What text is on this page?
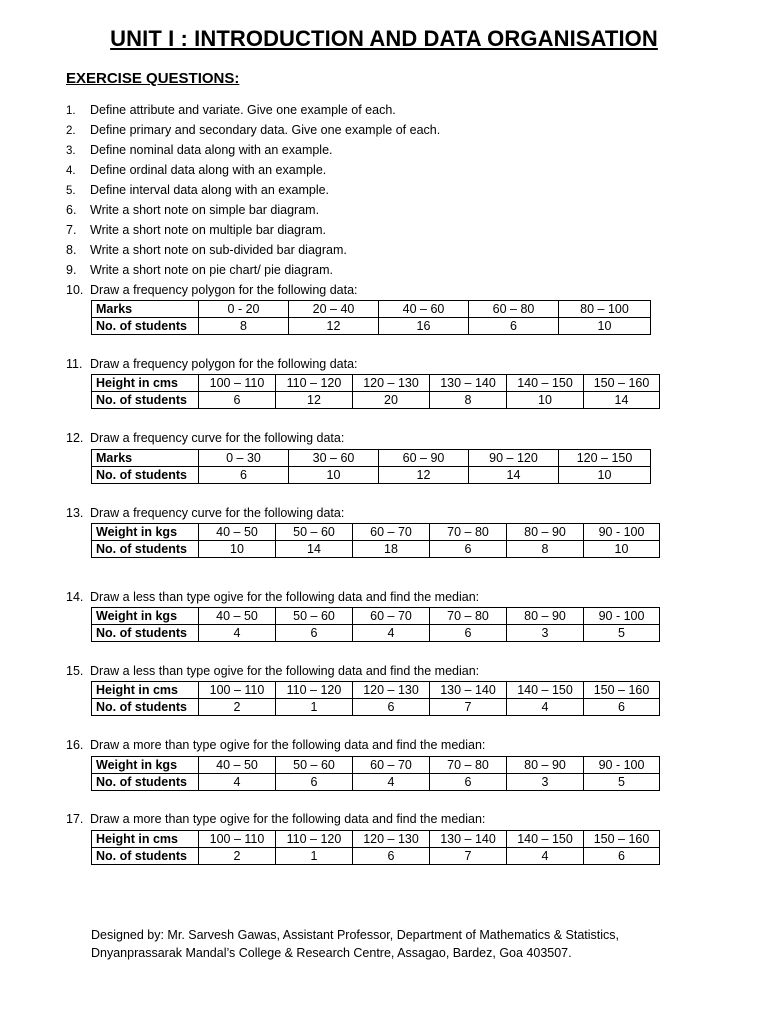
UNIT I : INTRODUCTION AND DATA ORGANISATION
EXERCISE QUESTIONS:
1. Define attribute and variate. Give one example of each.
2. Define primary and secondary data. Give one example of each.
3. Define nominal data along with an example.
4. Define ordinal data along with an example.
5. Define interval data along with an example.
6. Write a short note on simple bar diagram.
7. Write a short note on multiple bar diagram.
8. Write a short note on sub-divided bar diagram.
9. Write a short note on pie chart/ pie diagram.
10. Draw a frequency polygon for the following data:
Marks	0 - 20	20 – 40	40 – 60	60 – 80	80 – 100
No. of students	8	12	16	6	10
11. Draw a frequency polygon for the following data:
Height in cms	100 – 110	110 – 120	120 – 130	130 – 140	140 – 150	150 – 160
No. of students	6	12	20	8	10	14
12. Draw a frequency curve for the following data:
Marks	0 – 30	30 – 60	60 – 90	90 – 120	120 – 150
No. of students	6	10	12	14	10
13. Draw a frequency curve for the following data:
Weight in kgs	40 – 50	50 – 60	60 – 70	70 – 80	80 – 90	90 - 100
No. of students	10	14	18	6	8	10
14. Draw a less than type ogive for the following data and find the median:
Weight in kgs	40 – 50	50 – 60	60 – 70	70 – 80	80 – 90	90 - 100
No. of students	4	6	4	6	3	5
15. Draw a less than type ogive for the following data and find the median:
Height in cms	100 – 110	110 – 120	120 – 130	130 – 140	140 – 150	150 – 160
No. of students	2	1	6	7	4	6
16. Draw a more than type ogive for the following data and find the median:
Weight in kgs	40 – 50	50 – 60	60 – 70	70 – 80	80 – 90	90 - 100
No. of students	4	6	4	6	3	5
17. Draw a more than type ogive for the following data and find the median:
Height in cms	100 – 110	110 – 120	120 – 130	130 – 140	140 – 150	150 – 160
No. of students	2	1	6	7	4	6
Designed by: Mr. Sarvesh Gawas, Assistant Professor, Department of Mathematics & Statistics,
Dnyanprassarak Mandal’s College & Research Centre, Assagao, Bardez, Goa 403507.
